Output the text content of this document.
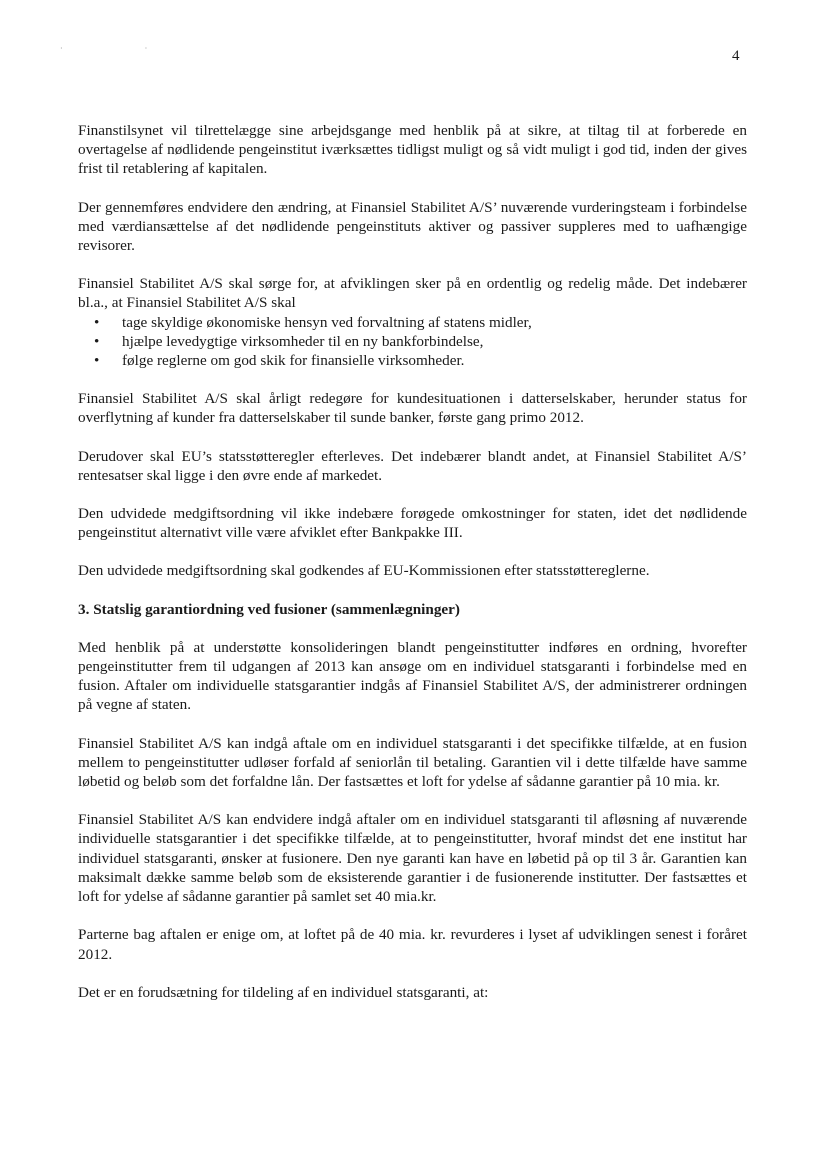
· ·	4

Finanstilsynet vil tilrettelægge sine arbejdsgange med henblik på at sikre, at tiltag til at forberede en overtagelse af nødlidende pengeinstitut iværksættes tidligst muligt og så vidt muligt i god tid, inden der gives frist til retablering af kapitalen.

Der gennemføres endvidere den ændring, at Finansiel Stabilitet A/S’ nuværende vurderingsteam i forbindelse med værdiansættelse af det nødlidende pengeinstituts aktiver og passiver suppleres med to uafhængige revisorer.

Finansiel Stabilitet A/S skal sørge for, at afviklingen sker på en ordentlig og redelig måde. Det indebærer bl.a., at Finansiel Stabilitet A/S skal

• tage skyldige økonomiske hensyn ved forvaltning af statens midler,
• hjælpe levedygtige virksomheder til en ny bankforbindelse,
• følge reglerne om god skik for finansielle virksomheder.

Finansiel Stabilitet A/S skal årligt redegøre for kundesituationen i datterselskaber, herunder status for overflytning af kunder fra datterselskaber til sunde banker, første gang primo 2012.

Derudover skal EU’s statsstøtteregler efterleves. Det indebærer blandt andet, at Finansiel Stabilitet A/S’ rentesatser skal ligge i den øvre ende af markedet.

Den udvidede medgiftsordning vil ikke indebære forøgede omkostninger for staten, idet det nødlidende pengeinstitut alternativt ville være afviklet efter Bankpakke III.

Den udvidede medgiftsordning skal godkendes af EU-Kommissionen efter statsstøttereglerne.

3. Statslig garantiordning ved fusioner (sammenlægninger)

Med henblik på at understøtte konsolideringen blandt pengeinstitutter indføres en ordning, hvorefter pengeinstitutter frem til udgangen af 2013 kan ansøge om en individuel statsgaranti i forbindelse med en fusion. Aftaler om individuelle statsgarantier indgås af Finansiel Stabilitet A/S, der administrerer ordningen på vegne af staten.

Finansiel Stabilitet A/S kan indgå aftale om en individuel statsgaranti i det specifikke tilfælde, at en fusion mellem to pengeinstitutter udløser forfald af seniorlån til betaling. Garantien vil i dette tilfælde have samme løbetid og beløb som det forfaldne lån. Der fastsættes et loft for ydelse af sådanne garantier på 10 mia. kr.

Finansiel Stabilitet A/S kan endvidere indgå aftaler om en individuel statsgaranti til afløsning af nuværende individuelle statsgarantier i det specifikke tilfælde, at to pengeinstitutter, hvoraf mindst det ene institut har individuel statsgaranti, ønsker at fusionere. Den nye garanti kan have en løbetid på op til 3 år. Garantien kan maksimalt dække samme beløb som de eksisterende garantier i de fusionerende institutter. Der fastsættes et loft for ydelse af sådanne garantier på samlet set 40 mia.kr.

Parterne bag aftalen er enige om, at loftet på de 40 mia. kr. revurderes i lyset af udviklingen senest i foråret 2012.

Det er en forudsætning for tildeling af en individuel statsgaranti, at:
